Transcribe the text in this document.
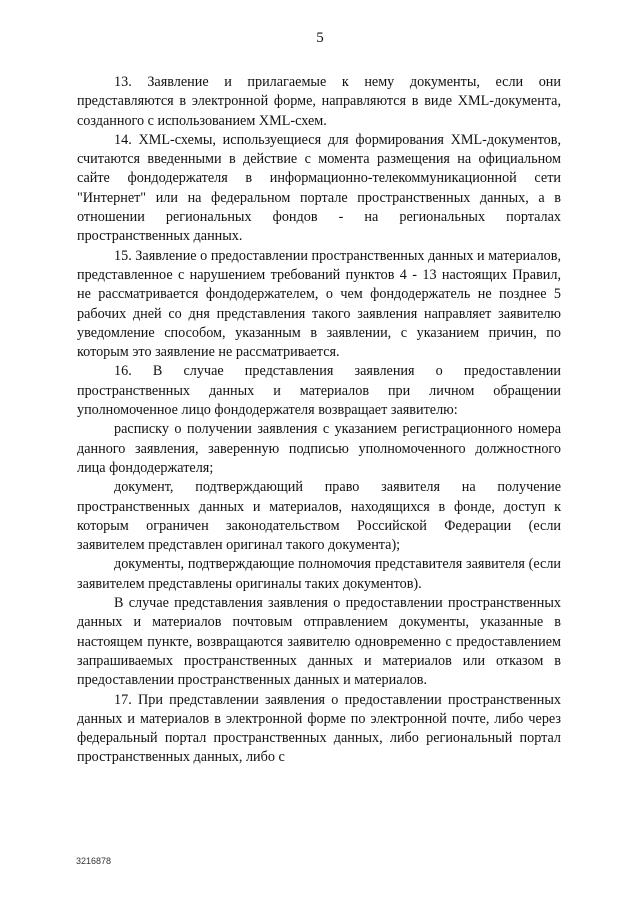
5

13. Заявление и прилагаемые к нему документы, если они представляются в электронной форме, направляются в виде XML-документа, созданного с использованием XML-схем.

14. XML-схемы, используещиеся для формирования XML-документов, считаются введенными в действие с момента размещения на официальном сайте фондодержателя в информационно-телекоммуникационной сети "Интернет" или на федеральном портале пространственных данных, а в отношении региональных фондов - на региональных порталах пространственных данных.

15. Заявление о предоставлении пространственных данных и материалов, представленное с нарушением требований пунктов 4 - 13 настоящих Правил, не рассматривается фондодержателем, о чем фондодержатель не позднее 5 рабочих дней со дня представления такого заявления направляет заявителю уведомление способом, указанным в заявлении, с указанием причин, по которым это заявление не рассматривается.

16. В случае представления заявления о предоставлении пространственных данных и материалов при личном обращении уполномоченное лицо фондодержателя возвращает заявителю:

расписку о получении заявления с указанием регистрационного номера данного заявления, заверенную подписью уполномоченного должностного лица фондодержателя;

документ, подтверждающий право заявителя на получение пространственных данных и материалов, находящихся в фонде, доступ к которым ограничен законодательством Российской Федерации (если заявителем представлен оригинал такого документа);

документы, подтверждающие полномочия представителя заявителя (если заявителем представлены оригиналы таких документов).

В случае представления заявления о предоставлении пространственных данных и материалов почтовым отправлением документы, указанные в настоящем пункте, возвращаются заявителю одновременно с предоставлением запрашиваемых пространственных данных и материалов или отказом в предоставлении пространственных данных и материалов.

17. При представлении заявления о предоставлении пространственных данных и материалов в электронной форме по электронной почте, либо через федеральный портал пространственных данных, либо региональный портал пространственных данных, либо с

3216878
